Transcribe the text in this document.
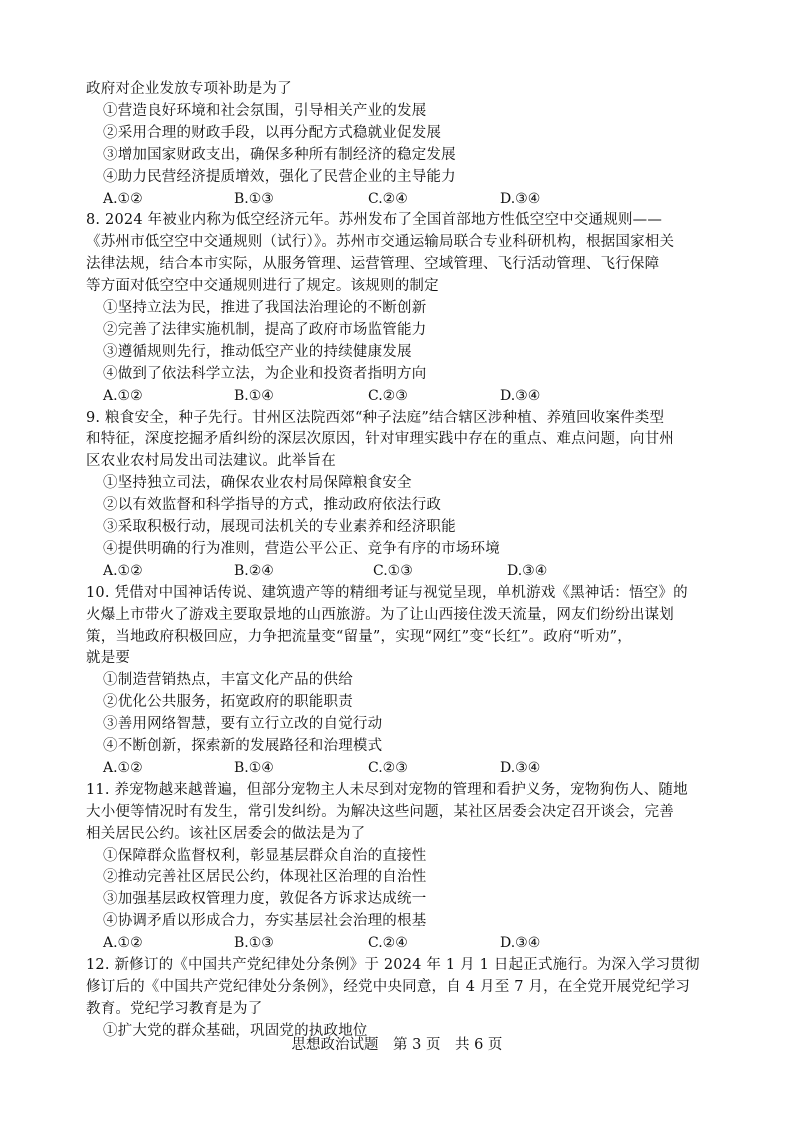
政府对企业发放专项补助是为了
①营造良好环境和社会氛围，引导相关产业的发展
②采用合理的财政手段，以再分配方式稳就业促发展
③增加国家财政支出，确保多种所有制经济的稳定发展
④助力民营经济提质增效，强化了民营企业的主导能力
A.①②	B.①③	C.②④	D.③④
8. 2024 年被业内称为低空经济元年。苏州发布了全国首部地方性低空空中交通规则——
《苏州市低空空中交通规则（试行）》。苏州市交通运输局联合专业科研机构，根据国家相关
法律法规，结合本市实际，从服务管理、运营管理、空域管理、飞行活动管理、飞行保障
等方面对低空空中交通规则进行了规定。该规则的制定
①坚持立法为民，推进了我国法治理论的不断创新
②完善了法律实施机制，提高了政府市场监管能力
③遵循规则先行，推动低空产业的持续健康发展
④做到了依法科学立法，为企业和投资者指明方向
A.①②	B.①④	C.②③	D.③④
9. 粮食安全，种子先行。甘州区法院西郊“种子法庭”结合辖区涉种植、养殖回收案件类型
和特征，深度挖掘矛盾纠纷的深层次原因，针对审理实践中存在的重点、难点问题，向甘州
区农业农村局发出司法建议。此举旨在
①坚持独立司法，确保农业农村局保障粮食安全
②以有效监督和科学指导的方式，推动政府依法行政
③采取积极行动，展现司法机关的专业素养和经济职能
④提供明确的行为准则，营造公平公正、竞争有序的市场环境
A.①②	B.②④	C.①③	D.③④
10. 凭借对中国神话传说、建筑遗产等的精细考证与视觉呈现，单机游戏《黑神话：悟空》的
火爆上市带火了游戏主要取景地的山西旅游。为了让山西接住泼天流量，网友们纷纷出谋划
策，当地政府积极回应，力争把流量变“留量”，实现“网红”变“长红”。政府“听劝”，
就是要
①制造营销热点，丰富文化产品的供给
②优化公共服务，拓宽政府的职能职责
③善用网络智慧，要有立行立改的自觉行动
④不断创新，探索新的发展路径和治理模式
A.①②	B.①④	C.②③	D.③④
11. 养宠物越来越普遍，但部分宠物主人未尽到对宠物的管理和看护义务，宠物狗伤人、随地
大小便等情况时有发生，常引发纠纷。为解决这些问题，某社区居委会决定召开谈会，完善
相关居民公约。该社区居委会的做法是为了
①保障群众监督权利，彰显基层群众自治的直接性
②推动完善社区居民公约，体现社区治理的自治性
③加强基层政权管理力度，敦促各方诉求达成统一
④协调矛盾以形成合力，夯实基层社会治理的根基
A.①②	B.①③	C.②④	D.③④
12. 新修订的《中国共产党纪律处分条例》于 2024 年 1 月 1 日起正式施行。为深入学习贯彻
修订后的《中国共产党纪律处分条例》，经党中央同意，自 4 月至 7 月，在全党开展党纪学习
教育。党纪学习教育是为了
①扩大党的群众基础，巩固党的执政地位
思想政治试题　第 3 页　共 6 页
